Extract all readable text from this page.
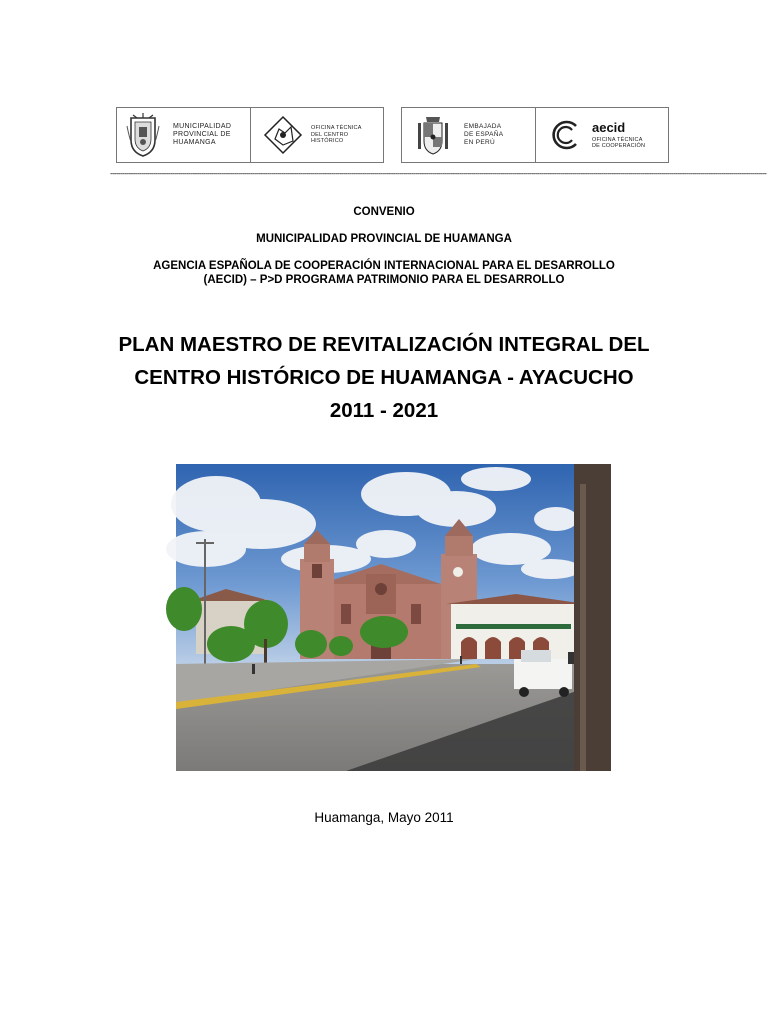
MUNICIPALIDAD
PROVINCIAL DE
HUAMANGA
OFICINA TÉCNICA
DEL CENTRO
HISTÓRICO
EMBAJADA
DE ESPAÑA
EN PERÚ
aecid
OFICINA TÉCNICA
DE COOPERACIÓN
------------------------------------------------------------------------------------------------------------------------------------------------------------------------------------------------------------------------------------------------------------------------------------------------------------------------------
CONVENIO
MUNICIPALIDAD PROVINCIAL DE HUAMANGA
AGENCIA ESPAÑOLA DE COOPERACIÓN INTERNACIONAL PARA EL DESARROLLO
(AECID) – P>D PROGRAMA PATRIMONIO PARA EL DESARROLLO
PLAN MAESTRO DE REVITALIZACIÓN INTEGRAL DEL
CENTRO HISTÓRICO DE HUAMANGA - AYACUCHO
2011 - 2021
Huamanga, Mayo 2011
